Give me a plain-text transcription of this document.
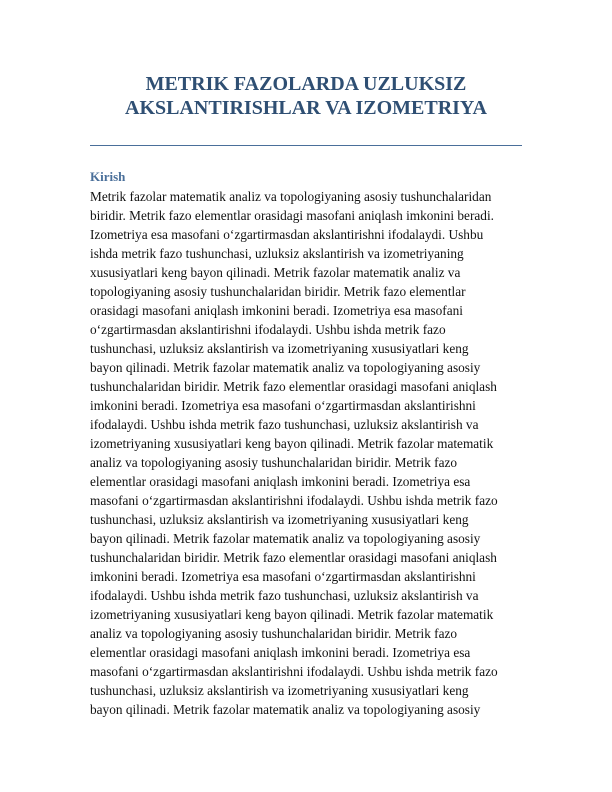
METRIK FAZOLARDA UZLUKSIZ
AKSLANTIRISHLAR VA IZOMETRIYA
Kirish
Metrik fazolar matematik analiz va topologiyaning asosiy tushunchalaridan
biridir. Metrik fazo elementlar orasidagi masofani aniqlash imkonini beradi.
Izometriya esa masofani o‘zgartirmasdan akslantirishni ifodalaydi. Ushbu
ishda metrik fazo tushunchasi, uzluksiz akslantirish va izometriyaning
xususiyatlari keng bayon qilinadi. Metrik fazolar matematik analiz va
topologiyaning asosiy tushunchalaridan biridir. Metrik fazo elementlar
orasidagi masofani aniqlash imkonini beradi. Izometriya esa masofani
o‘zgartirmasdan akslantirishni ifodalaydi. Ushbu ishda metrik fazo
tushunchasi, uzluksiz akslantirish va izometriyaning xususiyatlari keng
bayon qilinadi. Metrik fazolar matematik analiz va topologiyaning asosiy
tushunchalaridan biridir. Metrik fazo elementlar orasidagi masofani aniqlash
imkonini beradi. Izometriya esa masofani o‘zgartirmasdan akslantirishni
ifodalaydi. Ushbu ishda metrik fazo tushunchasi, uzluksiz akslantirish va
izometriyaning xususiyatlari keng bayon qilinadi. Metrik fazolar matematik
analiz va topologiyaning asosiy tushunchalaridan biridir. Metrik fazo
elementlar orasidagi masofani aniqlash imkonini beradi. Izometriya esa
masofani o‘zgartirmasdan akslantirishni ifodalaydi. Ushbu ishda metrik fazo
tushunchasi, uzluksiz akslantirish va izometriyaning xususiyatlari keng
bayon qilinadi. Metrik fazolar matematik analiz va topologiyaning asosiy
tushunchalaridan biridir. Metrik fazo elementlar orasidagi masofani aniqlash
imkonini beradi. Izometriya esa masofani o‘zgartirmasdan akslantirishni
ifodalaydi. Ushbu ishda metrik fazo tushunchasi, uzluksiz akslantirish va
izometriyaning xususiyatlari keng bayon qilinadi. Metrik fazolar matematik
analiz va topologiyaning asosiy tushunchalaridan biridir. Metrik fazo
elementlar orasidagi masofani aniqlash imkonini beradi. Izometriya esa
masofani o‘zgartirmasdan akslantirishni ifodalaydi. Ushbu ishda metrik fazo
tushunchasi, uzluksiz akslantirish va izometriyaning xususiyatlari keng
bayon qilinadi. Metrik fazolar matematik analiz va topologiyaning asosiy
